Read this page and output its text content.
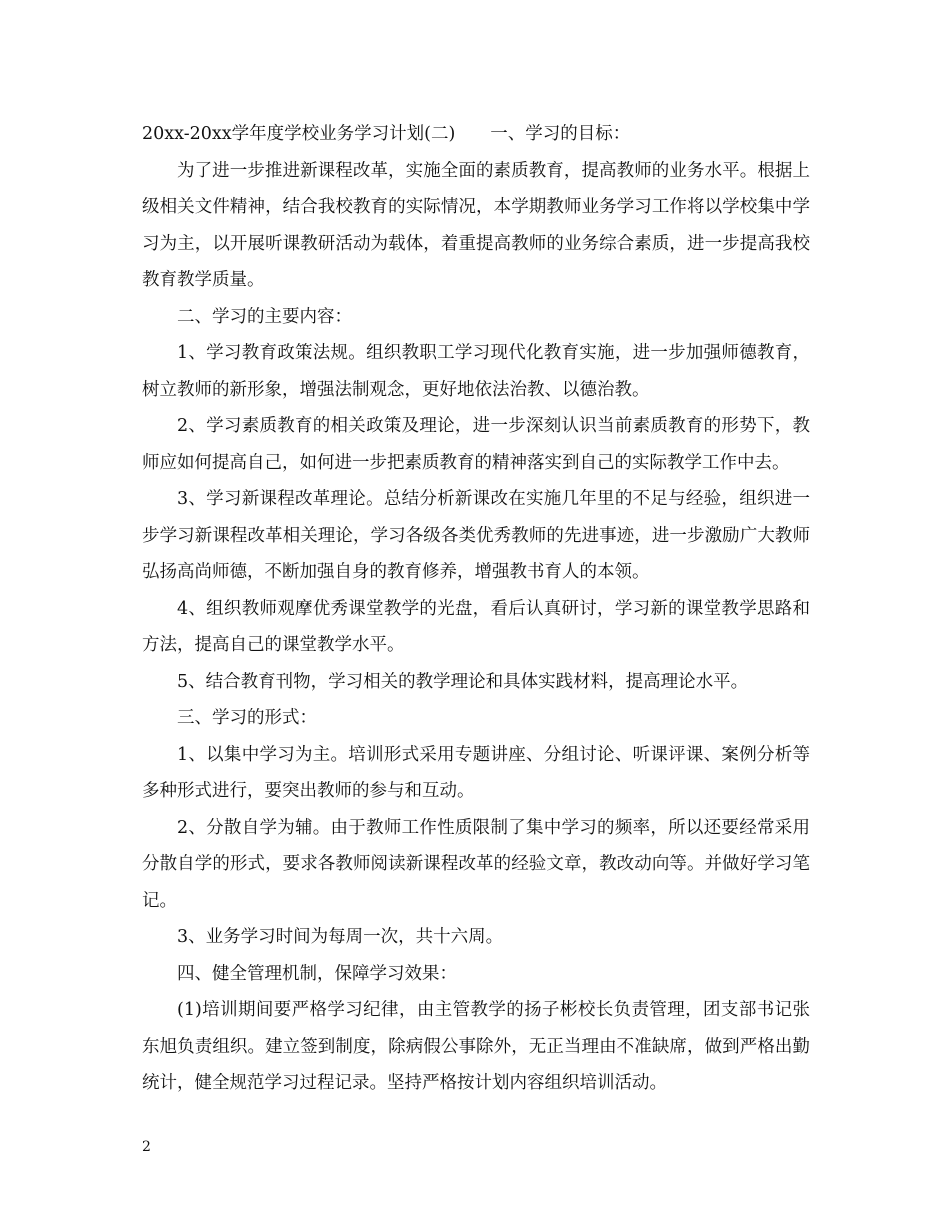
20xx-20xx学年度学校业务学习计划(二)　　一、学习的目标：

为了进一步推进新课程改革，实施全面的素质教育，提高教师的业务水平。根据上级相关文件精神，结合我校教育的实际情况，本学期教师业务学习工作将以学校集中学习为主，以开展听课教研活动为载体，着重提高教师的业务综合素质，进一步提高我校教育教学质量。

二、学习的主要内容：

1、学习教育政策法规。组织教职工学习现代化教育实施，进一步加强师德教育，树立教师的新形象，增强法制观念，更好地依法治教、以德治教。

2、学习素质教育的相关政策及理论，进一步深刻认识当前素质教育的形势下，教师应如何提高自己，如何进一步把素质教育的精神落实到自己的实际教学工作中去。

3、学习新课程改革理论。总结分析新课改在实施几年里的不足与经验，组织进一步学习新课程改革相关理论，学习各级各类优秀教师的先进事迹，进一步激励广大教师弘扬高尚师德，不断加强自身的教育修养，增强教书育人的本领。

4、组织教师观摩优秀课堂教学的光盘，看后认真研讨，学习新的课堂教学思路和方法，提高自己的课堂教学水平。

5、结合教育刊物，学习相关的教学理论和具体实践材料，提高理论水平。

三、学习的形式：

1、以集中学习为主。培训形式采用专题讲座、分组讨论、听课评课、案例分析等多种形式进行，要突出教师的参与和互动。

2、分散自学为辅。由于教师工作性质限制了集中学习的频率，所以还要经常采用分散自学的形式，要求各教师阅读新课程改革的经验文章，教改动向等。并做好学习笔记。

3、业务学习时间为每周一次，共十六周。

四、健全管理机制，保障学习效果：

(1)培训期间要严格学习纪律，由主管教学的扬子彬校长负责管理，团支部书记张东旭负责组织。建立签到制度，除病假公事除外，无正当理由不准缺席，做到严格出勤统计，健全规范学习过程记录。坚持严格按计划内容组织培训活动。

2
